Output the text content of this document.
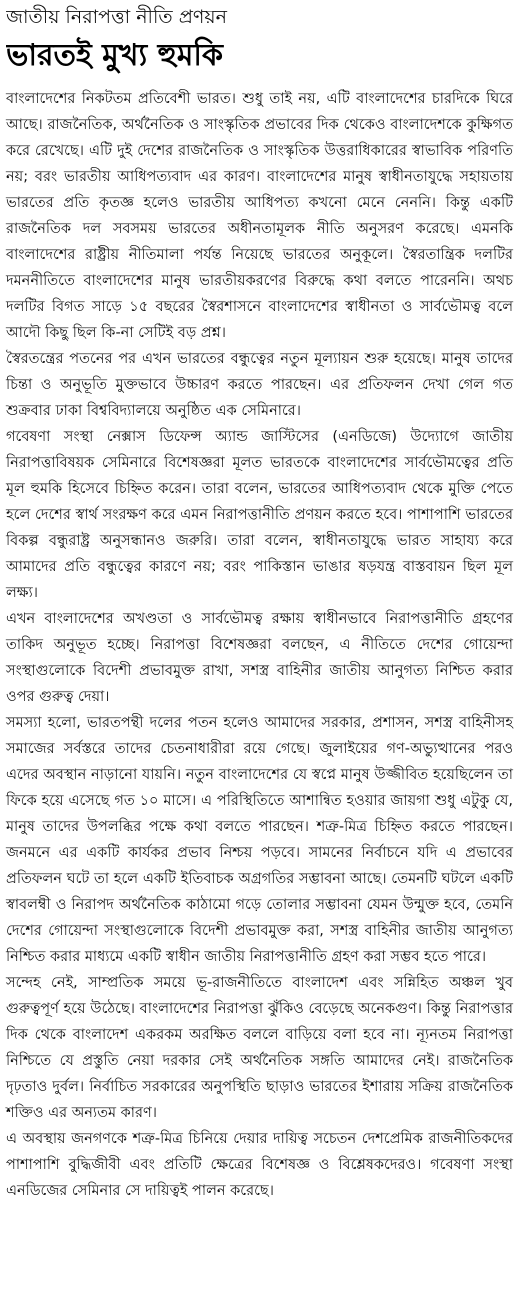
জাতীয় নিরাপত্তা নীতি প্রণয়ন
ভারতই মুখ্য হুমকি

বাংলাদেশের নিকটতম প্রতিবেশী ভারত। শুধু তাই নয়, এটি বাংলাদেশের চারদিকে ঘিরে আছে। রাজনৈতিক, অর্থনৈতিক ও সাংস্কৃতিক প্রভাবের দিক থেকেও বাংলাদেশকে কুক্ষিগত করে রেখেছে। এটি দুই দেশের রাজনৈতিক ও সাংস্কৃতিক উত্তরাধিকারের স্বাভাবিক পরিণতি নয়; বরং ভারতীয় আধিপত্যবাদ এর কারণ। বাংলাদেশের মানুষ স্বাধীনতাযুদ্ধে সহায়তায় ভারতের প্রতি কৃতজ্ঞ হলেও ভারতীয় আধিপত্য কখনো মেনে নেননি। কিন্তু একটি রাজনৈতিক দল সবসময় ভারতের অধীনতামূলক নীতি অনুসরণ করেছে। এমনকি বাংলাদেশের রাষ্ট্রীয় নীতিমালা পর্যন্ত নিয়েছে ভারতের অনুকূলে। স্বৈরতান্ত্রিক দলটির দমননীতিতে বাংলাদেশের মানুষ ভারতীয়করণের বিরুদ্ধে কথা বলতে পারেননি। অথচ দলটির বিগত সাড়ে ১৫ বছরের স্বৈরশাসনে বাংলাদেশের স্বাধীনতা ও সার্বভৌমত্ব বলে আদৌ কিছু ছিল কি-না সেটিই বড় প্রশ্ন।

স্বৈরতন্ত্রের পতনের পর এখন ভারতের বন্ধুত্বের নতুন মূল্যায়ন শুরু হয়েছে। মানুষ তাদের চিন্তা ও অনুভূতি মুক্তভাবে উচ্চারণ করতে পারছেন। এর প্রতিফলন দেখা গেল গত শুক্রবার ঢাকা বিশ্ববিদ্যালয়ে অনুষ্ঠিত এক সেমিনারে।

গবেষণা সংস্থা নেক্সাস ডিফেন্স অ্যান্ড জাস্টিসের (এনডিজে) উদ্যোগে জাতীয় নিরাপত্তাবিষয়ক সেমিনারে বিশেষজ্ঞরা মূলত ভারতকে বাংলাদেশের সার্বভৌমত্বের প্রতি মূল হুমকি হিসেবে চিহ্নিত করেন। তারা বলেন, ভারতের আধিপত্যবাদ থেকে মুক্তি পেতে হলে দেশের স্বার্থ সংরক্ষণ করে এমন নিরাপত্তানীতি প্রণয়ন করতে হবে। পাশাপাশি ভারতের বিকল্প বন্ধুরাষ্ট্র অনুসন্ধানও জরুরি। তারা বলেন, স্বাধীনতাযুদ্ধে ভারত সাহায্য করে আমাদের প্রতি বন্ধুত্বের কারণে নয়; বরং পাকিস্তান ভাঙার ষড়যন্ত্র বাস্তবায়ন ছিল মূল লক্ষ্য।

এখন বাংলাদেশের অখণ্ডতা ও সার্বভৌমত্ব রক্ষায় স্বাধীনভাবে নিরাপত্তানীতি গ্রহণের তাকিদ অনুভূত হচ্ছে। নিরাপত্তা বিশেষজ্ঞরা বলছেন, এ নীতিতে দেশের গোয়েন্দা সংস্থাগুলোকে বিদেশী প্রভাবমুক্ত রাখা, সশস্ত্র বাহিনীর জাতীয় আনুগত্য নিশ্চিত করার ওপর গুরুত্ব দেয়া।

সমস্যা হলো, ভারতপন্থী দলের পতন হলেও আমাদের সরকার, প্রশাসন, সশস্ত্র বাহিনীসহ সমাজের সর্বস্তরে তাদের চেতনাধারীরা রয়ে গেছে। জুলাইয়ের গণ-অভ্যুত্থানের পরও এদের অবস্থান নাড়ানো যায়নি। নতুন বাংলাদেশের যে স্বপ্নে মানুষ উজ্জীবিত হয়েছিলেন তা ফিকে হয়ে এসেছে গত ১০ মাসে। এ পরিস্থিতিতে আশান্বিত হওয়ার জায়গা শুধু এটুকু যে, মানুষ তাদের উপলব্ধির পক্ষে কথা বলতে পারছেন। শত্রু-মিত্র চিহ্নিত করতে পারছেন। জনমনে এর একটি কার্যকর প্রভাব নিশ্চয় পড়বে। সামনের নির্বাচনে যদি এ প্রভাবের প্রতিফলন ঘটে তা হলে একটি ইতিবাচক অগ্রগতির সম্ভাবনা আছে। তেমনটি ঘটলে একটি স্বাবলম্বী ও নিরাপদ অর্থনৈতিক কাঠামো গড়ে তোলার সম্ভাবনা যেমন উন্মুক্ত হবে, তেমনি দেশের গোয়েন্দা সংস্থাগুলোকে বিদেশী প্রভাবমুক্ত করা, সশস্ত্র বাহিনীর জাতীয় আনুগত্য নিশ্চিত করার মাধ্যমে একটি স্বাধীন জাতীয় নিরাপত্তানীতি গ্রহণ করা সম্ভব হতে পারে।

সন্দেহ নেই, সাম্প্রতিক সময়ে ভূ-রাজনীতিতে বাংলাদেশ এবং সন্নিহিত অঞ্চল খুব গুরুত্বপূর্ণ হয়ে উঠেছে। বাংলাদেশের নিরাপত্তা ঝুঁকিও বেড়েছে অনেকগুণ। কিন্তু নিরাপত্তার দিক থেকে বাংলাদেশ একরকম অরক্ষিত বললে বাড়িয়ে বলা হবে না। ন্যূনতম নিরাপত্তা নিশ্চিতে যে প্রস্তুতি নেয়া দরকার সেই অর্থনৈতিক সঙ্গতি আমাদের নেই। রাজনৈতিক দৃঢ়তাও দুর্বল। নির্বাচিত সরকারের অনুপস্থিতি ছাড়াও ভারতের ইশারায় সক্রিয় রাজনৈতিক শক্তিও এর অন্যতম কারণ।

এ অবস্থায় জনগণকে শত্রু-মিত্র চিনিয়ে দেয়ার দায়িত্ব সচেতন দেশপ্রেমিক রাজনীতিকদের পাশাপাশি বুদ্ধিজীবী এবং প্রতিটি ক্ষেত্রের বিশেষজ্ঞ ও বিশ্লেষকদেরও। গবেষণা সংস্থা এনডিজের সেমিনার সে দায়িত্বই পালন করেছে।
